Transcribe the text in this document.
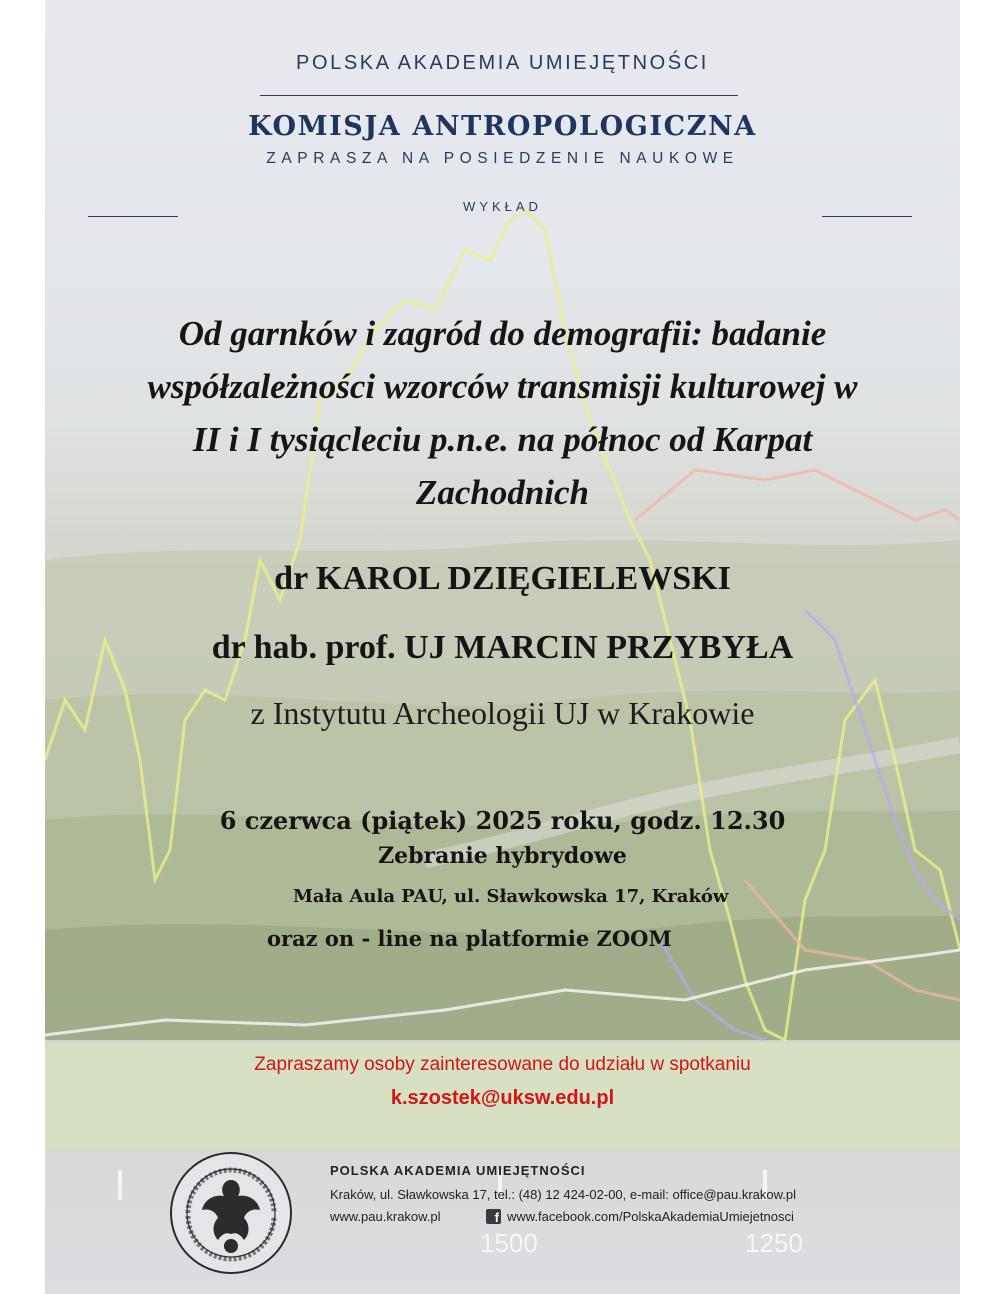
1500	1250
POLSKA AKADEMIA UMIEJĘTNOŚCI
KOMISJA ANTROPOLOGICZNA
ZAPRASZA NA POSIEDZENIE NAUKOWE
WYKŁAD
Od garnków i zagród do demografii: badanie
współzależności wzorców transmisji kulturowej w
II i I tysiącleciu p.n.e. na północ od Karpat
Zachodnich
dr KAROL DZIĘGIELEWSKI
dr hab. prof. UJ MARCIN PRZYBYŁA
z Instytutu Archeologii UJ w Krakowie
6 czerwca (piątek) 2025 roku, godz. 12.30
Zebranie hybrydowe
Mała Aula PAU, ul. Sławkowska 17, Kraków
oraz on - line na platformie ZOOM
Zapraszamy osoby zainteresowane do udziału w spotkaniu
k.szostek@uksw.edu.pl
POLSKA AKADEMIA UMIEJĘTNOŚCI
Kraków, ul. Sławkowska 17, tel.: (48) 12 424-02-00, e-mail: office@pau.krakow.pl
www.pau.krakow.pl	f www.facebook.com/PolskaAkademiaUmiejetnosci
